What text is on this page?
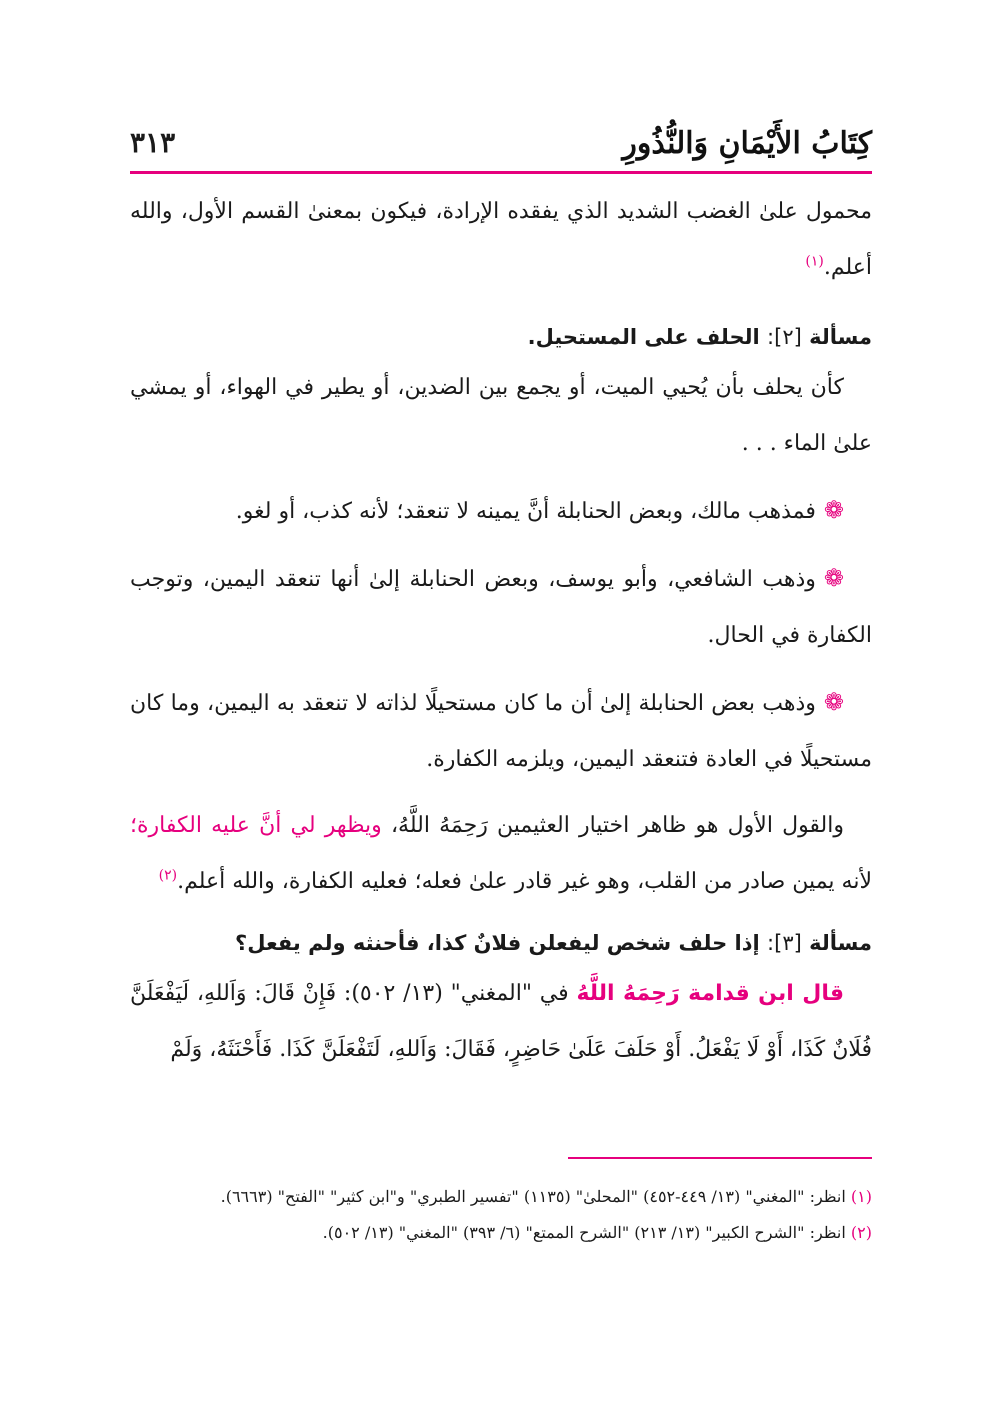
كِتَابُ الأَيْمَانِ وَالنُّذُورِ
٣١٣

محمول علىٰ الغضب الشديد الذي يفقده الإرادة، فيكون بمعنىٰ القسم الأول، والله أعلم.$^{(١)}$

مسألة [٢]: الحلف على المستحيل.

كأن يحلف بأن يُحيي الميت، أو يجمع بين الضدين، أو يطير في الهواء، أو يمشي علىٰ الماء . . .

❁فمذهب مالك، وبعض الحنابلة أنَّ يمينه لا تنعقد؛ لأنه كذب، أو لغو.

❁وذهب الشافعي، وأبو يوسف، وبعض الحنابلة إلىٰ أنها تنعقد اليمين، وتوجب الكفارة في الحال.

❁وذهب بعض الحنابلة إلىٰ أن ما كان مستحيلًا لذاته لا تنعقد به اليمين، وما كان مستحيلًا في العادة فتنعقد اليمين، ويلزمه الكفارة.

والقول الأول هو ظاهر اختيار العثيمين رَحِمَهُ اللَّهُ، ويظهر لي أنَّ عليه الكفارة؛ لأنه يمين صادر من القلب، وهو غير قادر علىٰ فعله؛ فعليه الكفارة، والله أعلم.$^{(٢)}$

مسألة [٣]: إذا حلف شخص ليفعلن فلانٌ كذا، فأحنثه ولم يفعل؟

قال ابن قدامة رَحِمَهُ اللَّهُ في "المغني" (١٣/ ٥٠٢): فَإِنْ قَالَ: وَاَللهِ، لَيَفْعَلَنَّ فُلَانٌ كَذَا، أَوْ لَا يَفْعَلُ. أَوْ حَلَفَ عَلَىٰ حَاضِرٍ، فَقَالَ: وَاَللهِ، لَتَفْعَلَنَّ كَذَا. فَأَحْنَثَهُ، وَلَمْ

(١) انظر: "المغني" (١٣/ ٤٤٩-٤٥٢) "المحلىٰ" (١١٣٥) "تفسير الطبري" و"ابن كثير" "الفتح" (٦٦٦٣).

(٢) انظر: "الشرح الكبير" (١٣/ ٢١٣) "الشرح الممتع" (٦/ ٣٩٣) "المغني" (١٣/ ٥٠٢).
